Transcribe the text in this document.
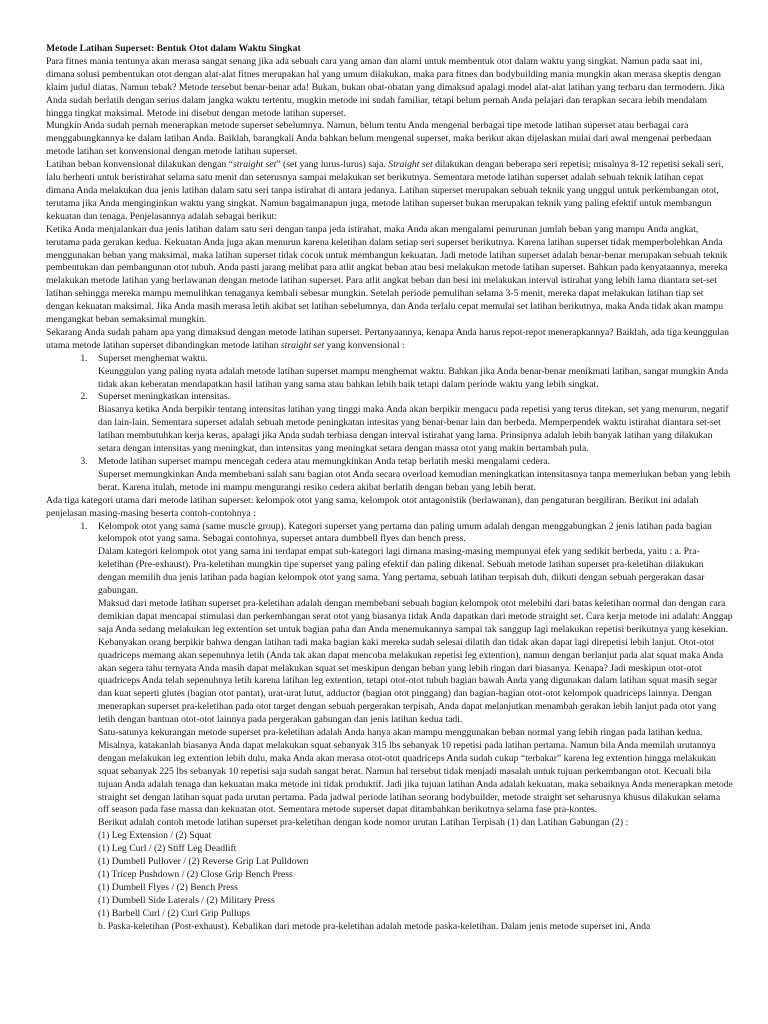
Metode Latihan Superset: Bentuk Otot dalam Waktu Singkat

Para fitnes mania tentunya akan merasa sangat senang jika ada sebuah cara yang aman dan alami untuk membentuk otot dalam waktu yang singkat. Namun pada saat ini, dimana solusi pembentukan otot dengan alat-alat fitnes merupakan hal yang umum dilakukan, maka para fitnes dan bodybuilding mania mungkin akan merasa skeptis dengan klaim judul diatas. Namun tebak? Metode tersebut benar-benar ada! Bukan, bukan obat-obatan yang dimaksud apalagi model alat-alat latihan yang terbaru dan termodern. Jika Anda sudah berlatih dengan serius dalam jangka waktu tertentu, mugkin metode ini sudah familiar, tetapi belum pernah Anda pelajari dan terapkan secara lebih mendalam hingga tingkat maksimal. Metode ini disebut dengan metode latihan superset.

Mungkin Anda sudah pernah menerapkan metode superset sebelumnya. Namun, belum tentu Anda mengenal berbagai tipe metode latihan superset atau berbagai cara menggabungkannya ke dalam latihan Anda. Baiklah, barangkali Anda bahkan belum mengenal superset, maka berikut akan dijelaskan mulai dari awal mengenai perbedaan metode latihan set konvensional dengan metode latihan superset.

Latihan beban konvensional dilakukan dengan “straight set” (set yang lurus-lurus) saja. Straight set dilakukan dengan beberapa seri repetisi; misalnya 8-12 repetisi sekali seri, lalu berhenti untuk beristirahat selama satu menit dan seterusnya sampai melakukan set berikutnya. Sementara metode latihan superset adalah sebuah teknik latihan cepat dimana Anda melakukan dua jenis latihan dalam satu seri tanpa istirahat di antara jedanya. Latihan superset merupakan sebuah teknik yang unggul untuk perkembangan otot, terutama jika Anda menginginkan waktu yang singkat. Namun bagaimanapun juga, metode latihan superset bukan merupakan teknik yang paling efektif untuk membangun kekuatan dan tenaga. Penjelasannya adalah sebagai berikut:

Ketika Anda menjalankan dua jenis latihan dalam satu seri dengan tanpa jeda istirahat, maka Anda akan mengalami penurunan jumlah beban yang mampu Anda angkat, terutama pada gerakan kedua. Kekuatan Anda juga akan menurun karena keletihan dalam setiap seri superset berikutnya. Karena latihan superset tidak memperbolehkan Anda menggunakan beban yang maksimal, maka latihan superset tidak cocok untuk membangun kekuatan. Jadi metode latihan superset adalah benar-benar merupakan sebuah teknik pembentukan dan pembangunan otot tubuh. Anda pasti jarang melihat para atlit angkat beban atau besi melakukan metode latihan superset. Bahkan pada kenyataannya, mereka melakukan metode latihan yang berlawanan dengan metode latihan superset. Para atlit angkat beban dan besi ini melakukan interval istirahat yang lebih lama diantara set-set latihan sehingga mereka mampu memulihkan tenaganya kembali sebesar mungkin. Setelah periode pemulihan selama 3-5 menit, mereka dapat melakukan latihan tiap set dengan kekuatan maksimal. Jika Anda masih merasa letih akibat set latihan sebelumnya, dan Anda terlalu cepat memulai set latihan berikutnya, maka Anda tidak akan mampu mengangkat beban semaksimal mungkin.

Sekarang Anda sudah paham apa yang dimaksud dengan metode latihan superset. Pertanyaannya, kenapa Anda harus repot-repot menerapkannya? Baiklah, ada tiga keunggulan utama metode latihan superset dibandingkan metode latihan straight set yang konvensional :

1. Superset menghemat waktu.
Keunggulan yang paling nyata adalah metode latihan superset mampu menghemat waktu. Bahkan jika Anda benar-benar menikmati latihan, sangat mungkin Anda tidak akan keberatan mendapatkan hasil latihan yang sama atau bahkan lebih baik tetapi dalam periode waktu yang lebih singkat.
2. Superset meningkatkan intensitas.
Biasanya ketika Anda berpikir tentang intensitas latihan yang tinggi maka Anda akan berpikir mengacu pada repetisi yang terus ditekan, set yang menurun, negatif dan lain-lain. Sementara superset adalah sebuah metode peningkatan intesitas yang benar-benar lain dan berbeda. Memperpendek waktu istirahat diantara set-set latihan membutuhkan kerja keras, apalagi jika Anda sudah terbiasa dengan interval istirahat yang lama. Prinsipnya adalah lebih banyak latihan yang dilakukan setara dengan intensitas yang meningkat, dan intensitas yang meningkat setara dengan massa otot yang makin bertambah pula.
3. Metode latihan superset mampu mencegah cedera atau memungkinkan Anda tetap berlatih meski mengalami cedera.
Superset memungkinkan Anda membebani salah satu bagian otot Anda secara overload kemudian meningkatkan intensitasnya tanpa memerlukan beban yang lebih berat. Karena itulah, metode ini mampu mengurangi resiko cedera akibat berlatih dengan beban yang lebih berat.

Ada tiga kategori utama dari metode latihan superset: kelompok otot yang sama, kelompok otot antagonistik (berlawanan), dan pengaturan bergiliran. Berikut ini adalah penjelasan masing-masing beserta contoh-contohnya :

1. Kelompok otot yang sama (same muscle group). Kategori superset yang pertama dan paling umum adalah dengan menggabungkan 2 jenis latihan pada bagian kelompok otot yang sama. Sebagai contohnya, superset antara dumbbell flyes dan bench press.
Dalam kategori kelompok otot yang sama ini terdapat empat sub-kategori lagi dimana masing-masing mempunyai efek yang sedikit berbeda, yaitu : a. Pra-keletihan (Pre-exhaust). Pra-keletihan mungkin tipe superset yang paling efektif dan paling dikenal. Sebuah metode latihan superset pra-keletihan dilakukan dengan memilih dua jenis latihan pada bagian kelompok otot yang sama. Yang pertama, sebuah latihan terpisah duh, diikuti dengan sebuah pergerakan dasar gabungan.
Maksud dari metode latihan superset pra-keletihan adalah dengan membebani sebuah bagian kelompok otot melebihi dari batas keletihan normal dan dengan cara demikian dapat mencapai stimulasi dan perkembangan serat otot yang biasanya tidak Anda dapatkan dari metode straight set. Cara kerja metode ini adalah: Anggap saja Anda sedang melakukan leg extention set untuk bagian paha dan Anda menemukannya sampai tak sanggup lagi melakukan repetisi berikutnya yang kesekian. Kebanyakan orang berpikir bahwa dengan latihan tadi maka bagian kaki mereka sudah selesai dilatih dan tidak akan dapat lagi direpetisi lebih lanjut. Otot-otot quadriceps memang akan sepenuhnya letih (Anda tak akan dapat mencoba melakukan repetisi leg extention), namun dengan berlanjut pada alat squat maka Anda akan segera tahu ternyata Anda masih dapat melakukan squat set meskipun dengan beban yang lebih ringan dari biasanya. Kenapa? Jadi meskipun otot-otot quadriceps Anda telah sepenuhnya letih karena latihan leg extention, tetapi otot-otot tubuh bagian bawah Anda yang digunakan dalam latihan squat masih segar dan kuat seperti glutes (bagian otot pantat), urat-urat lutut, adductor (bagian otot pinggang) dan bagian-bagian otot-otot kelompok quadriceps lainnya. Dengan menerapkan superset pra-keletihan pada otot target dengan sebuah pergerakan terpisah, Anda dapat melanjutkan menambah gerakan lebih lanjut pada otot yang letih dengan bantuan otot-otot lainnya pada pergerakan gabungan dan jenis latihan kedua tadi.
Satu-satunya kekurangan metode superset pra-keletihan adalah Anda hanya akan mampu menggunakan beban normal yang lebih ringan pada latihan kedua. Misalnya, katakanlah biasanya Anda dapat melakukan squat sebanyak 315 lbs sebanyak 10 repetisi pada latihan pertama. Namun bila Anda memilah urutannya dengan melakukan leg extention lebih dulu, maka Anda akan merasa otot-otot quadriceps Anda sudah cukup “terbakar” karena leg extention hingga melakukan squat sebanyak 225 lbs sebanyak 10 repetisi saja sudah sangat berat. Namun hal tersebut tidak menjadi masalah untuk tujuan perkembangan otot. Kecuali bila tujuan Anda adalah tenaga dan kekuatan maka metode ini tidak produktif. Jadi jika tujuan latihan Anda adalah kekuatan, maka sebaiknya Anda menerapkan metode straight set dengan latihan squat pada urutan pertama. Pada jadwal periode latihan seorang bodybuilder, metode straight set seharusnya khusus dilakukan selama off season pada fase massa dan kekuatan otot. Sementara metode superset dapat ditambahkan berikutnya selama fase pra-kontes.
Berikut adalah contoh metode latihan superset pra-keletihan dengan kode nomor urutan Latihan Terpisah (1) dan Latihan Gabungan (2) :
(1) Leg Extension / (2) Squat
(1) Leg Curl / (2) Stiff Leg Deadlift
(1) Dumbell Pullover / (2) Reverse Grip Lat Pulldown
(1) Tricep Pushdown / (2) Close Grip Bench Press
(1) Dumbell Flyes / (2) Bench Press
(1) Dumbell Side Laterals / (2) Military Press
(1) Barbell Curl / (2) Curl Grip Pullups
b. Paska-keletihan (Post-exhaust). Kebalikan dari metode pra-keletihan adalah metode paska-keletihan. Dalam jenis metode superset ini, Anda
